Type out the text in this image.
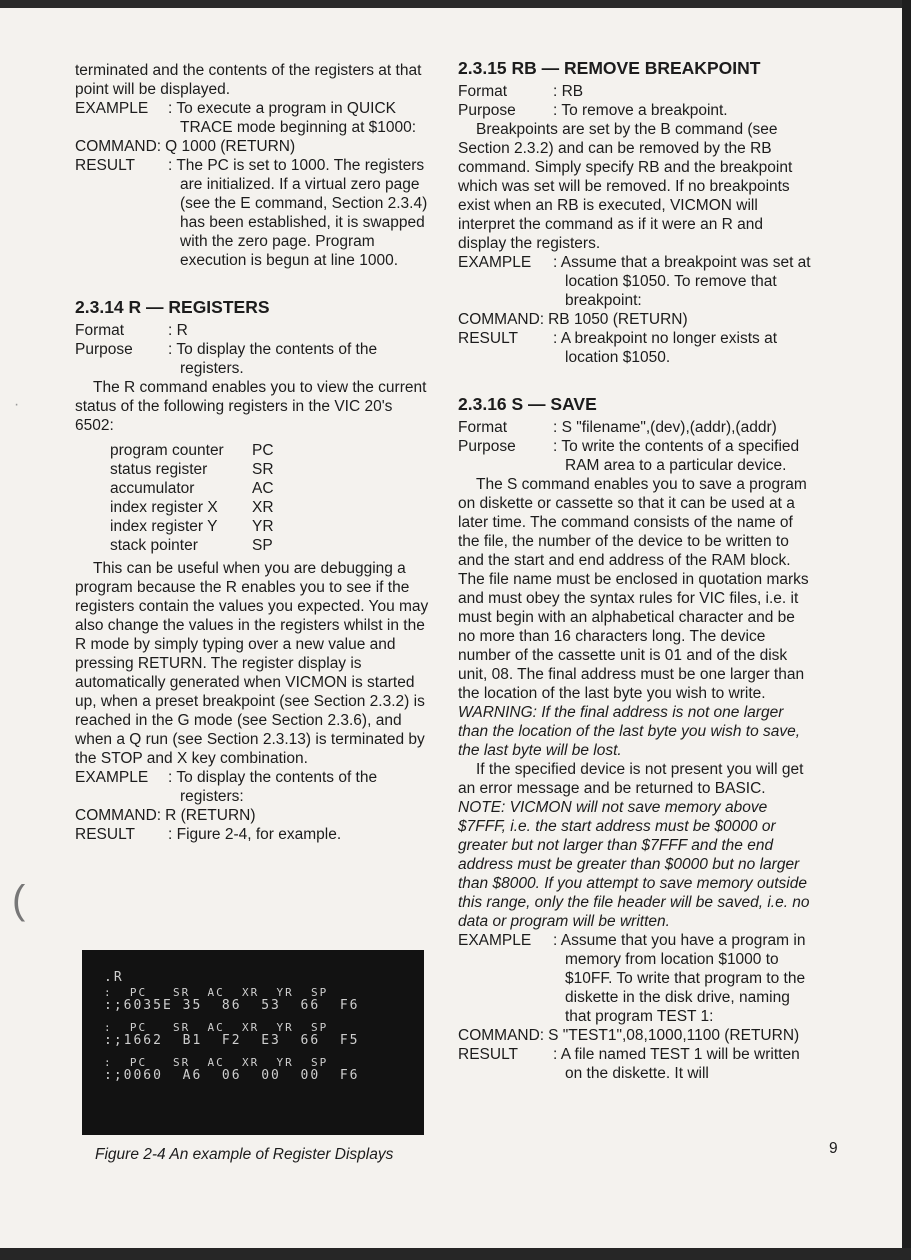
·
(

terminated and the contents of the registers at that point will be displayed.

EXAMPLE	: To execute a program in QUICK TRACE mode beginning at $1000:
COMMAND: Q 1000 (RETURN)
RESULT	: The PC is set to 1000. The registers are initialized. If a virtual zero page (see the E command, Section 2.3.4) has been established, it is swapped with the zero page. Program execution is begun at line 1000.

2.3.14 R — REGISTERS

Format	: R
Purpose	: To display the contents of the registers.

The R command enables you to view the current status of the following registers in the VIC 20's 6502:

program counter	PC
status register	SR
accumulator	AC
index register X	XR
index register Y	YR
stack pointer	SP

This can be useful when you are debugging a program because the R enables you to see if the registers contain the values you expected. You may also change the values in the registers whilst in the R mode by simply typing over a new value and pressing RETURN. The register display is automatically generated when VICMON is started up, when a preset breakpoint (see Section 2.3.2) is reached in the G mode (see Section 2.3.6), and when a Q run (see Section 2.3.13) is terminated by the STOP and X key combination.

EXAMPLE	: To display the contents of the registers:
COMMAND: R (RETURN)
RESULT	: Figure 2-4, for example.
.R
:  PC   SR  AC  XR  YR  SP
:;6035E 35  86  53  66  F6
:  PC   SR  AC  XR  YR  SP
:;1662  B1  F2  E3  66  F5
:  PC   SR  AC  XR  YR  SP
:;0060  A6  06  00  00  F6
Figure 2-4 An example of Register Displays

2.3.15 RB — REMOVE BREAKPOINT

Format	: RB
Purpose	: To remove a breakpoint.

Breakpoints are set by the B command (see Section 2.3.2) and can be removed by the RB command. Simply specify RB and the breakpoint which was set will be removed. If no breakpoints exist when an RB is executed, VICMON will interpret the command as if it were an R and display the registers.

EXAMPLE	: Assume that a breakpoint was set at location $1050. To remove that breakpoint:
COMMAND: RB 1050 (RETURN)
RESULT	: A breakpoint no longer exists at location $1050.

2.3.16 S — SAVE

Format	: S "filename",(dev),(addr),(addr)
Purpose	: To write the contents of a specified RAM area to a particular device.

The S command enables you to save a program on diskette or cassette so that it can be used at a later time. The command consists of the name of the file, the number of the device to be written to and the start and end address of the RAM block. The file name must be enclosed in quotation marks and must obey the syntax rules for VIC files, i.e. it must begin with an alphabetical character and be no more than 16 characters long. The device number of the cassette unit is 01 and of the disk unit, 08. The final address must be one larger than the location of the last byte you wish to write.

WARNING: If the final address is not one larger than the location of the last byte you wish to save, the last byte will be lost.

If the specified device is not present you will get an error message and be returned to BASIC.

NOTE: VICMON will not save memory above $7FFF, i.e. the start address must be $0000 or greater but not larger than $7FFF and the end address must be greater than $0000 but no larger than $8000. If you attempt to save memory outside this range, only the file header will be saved, i.e. no data or program will be written.

EXAMPLE	: Assume that you have a program in memory from location $1000 to $10FF. To write that program to the diskette in the disk drive, naming that program TEST 1:
COMMAND: S "TEST1",08,1000,1100 (RETURN)
RESULT	: A file named TEST 1 will be written on the diskette. It will
9
